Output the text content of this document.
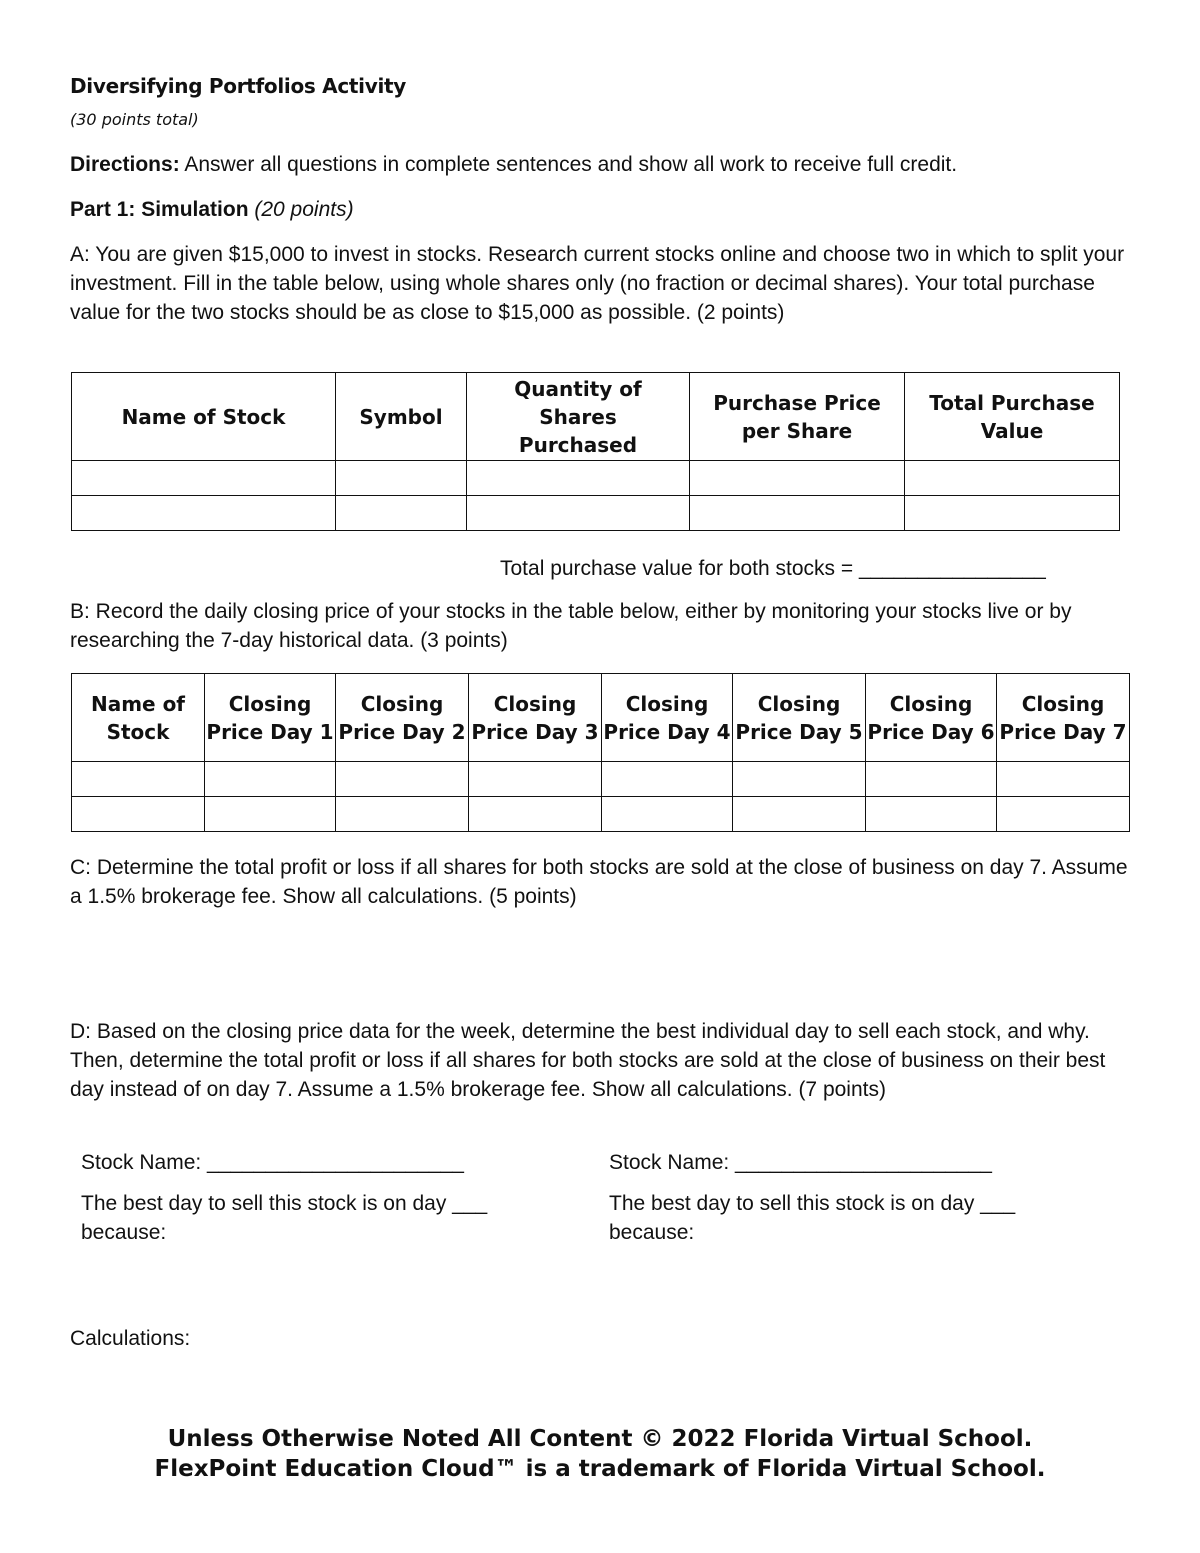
Diversifying Portfolios Activity
(30 points total)
Directions: Answer all questions in complete sentences and show all work to receive full credit.
Part 1: Simulation (20 points)
A: You are given $15,000 to invest in stocks. Research current stocks online and choose two in which to split your investment. Fill in the table below, using whole shares only (no fraction or decimal shares). Your total purchase value for the two stocks should be as close to $15,000 as possible. (2 points)
Name of Stock	Symbol	Quantity of Shares Purchased	Purchase Price per Share	Total Purchase Value

Total purchase value for both stocks = ________________
B: Record the daily closing price of your stocks in the table below, either by monitoring your stocks live or by researching the 7-day historical data. (3 points)
Name of Stock	Closing Price Day 1	Closing Price Day 2	Closing Price Day 3	Closing Price Day 4	Closing Price Day 5	Closing Price Day 6	Closing Price Day 7

C: Determine the total profit or loss if all shares for both stocks are sold at the close of business on day 7. Assume a 1.5% brokerage fee. Show all calculations. (5 points)
D: Based on the closing price data for the week, determine the best individual day to sell each stock, and why. Then, determine the total profit or loss if all shares for both stocks are sold at the close of business on their best day instead of on day 7. Assume a 1.5% brokerage fee. Show all calculations. (7 points)
Stock Name: ______________________
The best day to sell this stock is on day ___ because:
Stock Name: ______________________
The best day to sell this stock is on day ___ because:
Calculations:
Unless Otherwise Noted All Content © 2022 Florida Virtual School.
FlexPoint Education Cloud™ is a trademark of Florida Virtual School.
